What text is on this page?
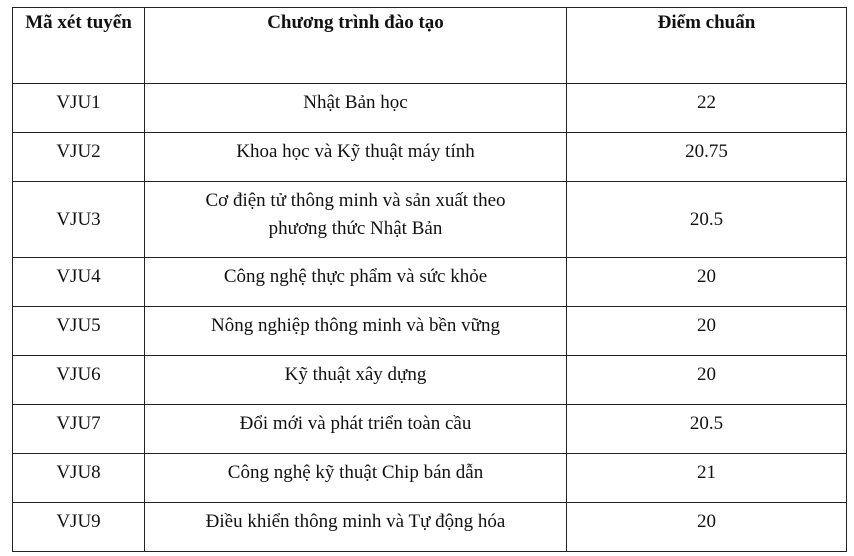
Mã xét tuyển	Chương trình đào tạo	Điểm chuẩn
VJU1	Nhật Bản học	22
VJU2	Khoa học và Kỹ thuật máy tính	20.75
VJU3	Cơ điện tử thông minh và sản xuất theo phương thức Nhật Bản	20.5
VJU4	Công nghệ thực phẩm và sức khỏe	20
VJU5	Nông nghiệp thông minh và bền vững	20
VJU6	Kỹ thuật xây dựng	20
VJU7	Đổi mới và phát triển toàn cầu	20.5
VJU8	Công nghệ kỹ thuật Chip bán dẫn	21
VJU9	Điều khiển thông minh và Tự động hóa	20
